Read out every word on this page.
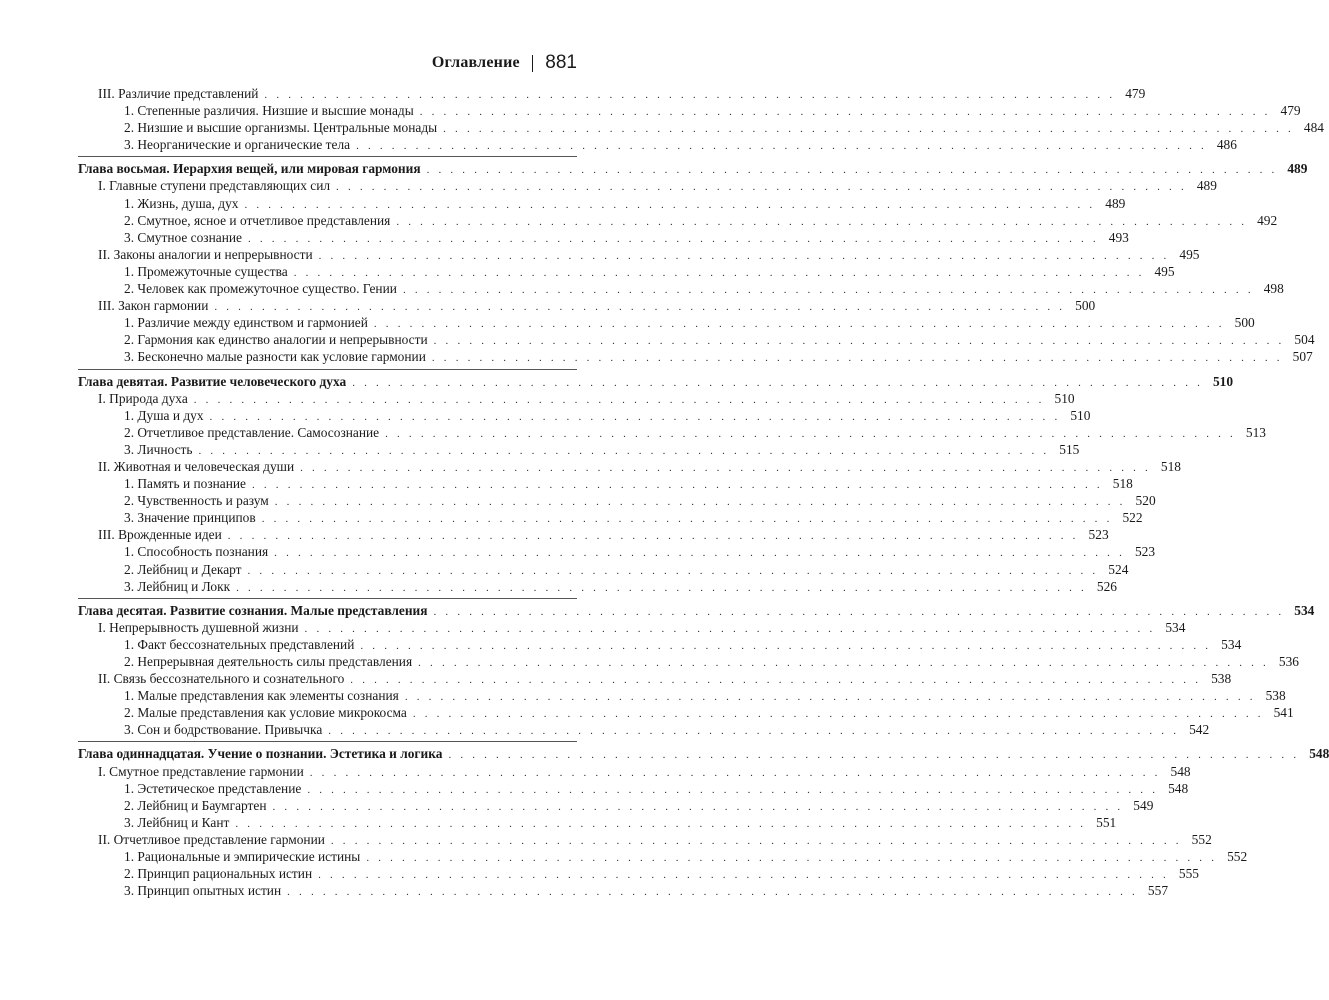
Оглавление 881
III. Различие представлений . . . . . . . . . . . . . . . . . . . . . . . . . . . . . . . . . . . . . . . . . . . . . . . . . . . . . . . . . . . . . . . . . . . . . . . . 479
1. Степенные различия. Низшие и высшие монады . . . . . . . . . . . . . . . . . . . . . . . . . . . . . . . . . . . . . . . . . . . . . . . . . . . . . . . . . . . . . . . . . . . . . . . . 479
2. Низшие и высшие организмы. Центральные монады . . . . . . . . . . . . . . . . . . . . . . . . . . . . . . . . . . . . . . . . . . . . . . . . . . . . . . . . . . . . . . . . . . . . . . . . 484
3. Неорганические и органические тела . . . . . . . . . . . . . . . . . . . . . . . . . . . . . . . . . . . . . . . . . . . . . . . . . . . . . . . . . . . . . . . . . . . . . . . . 486
Глава восьмая. Иерархия вещей, или мировая гармония . . . . . . . . . . . . . . . . . . . . . . . . . . . . . . . . . . . . . . . . . . . . . . . . . . . . . . . . . . . . . . . . . . . . . . . . 489
I. Главные ступени представляющих сил . . . . . . . . . . . . . . . . . . . . . . . . . . . . . . . . . . . . . . . . . . . . . . . . . . . . . . . . . . . . . . . . . . . . . . . . 489
1. Жизнь, душа, дух . . . . . . . . . . . . . . . . . . . . . . . . . . . . . . . . . . . . . . . . . . . . . . . . . . . . . . . . . . . . . . . . . . . . . . . . 489
2. Смутное, ясное и отчетливое представления . . . . . . . . . . . . . . . . . . . . . . . . . . . . . . . . . . . . . . . . . . . . . . . . . . . . . . . . . . . . . . . . . . . . . . . . 492
3. Смутное сознание . . . . . . . . . . . . . . . . . . . . . . . . . . . . . . . . . . . . . . . . . . . . . . . . . . . . . . . . . . . . . . . . . . . . . . . . 493
II. Законы аналогии и непрерывности . . . . . . . . . . . . . . . . . . . . . . . . . . . . . . . . . . . . . . . . . . . . . . . . . . . . . . . . . . . . . . . . . . . . . . . . 495
1. Промежуточные существа . . . . . . . . . . . . . . . . . . . . . . . . . . . . . . . . . . . . . . . . . . . . . . . . . . . . . . . . . . . . . . . . . . . . . . . . 495
2. Человек как промежуточное существо. Гении . . . . . . . . . . . . . . . . . . . . . . . . . . . . . . . . . . . . . . . . . . . . . . . . . . . . . . . . . . . . . . . . . . . . . . . . 498
III. Закон гармонии . . . . . . . . . . . . . . . . . . . . . . . . . . . . . . . . . . . . . . . . . . . . . . . . . . . . . . . . . . . . . . . . . . . . . . . . 500
1. Различие между единством и гармонией . . . . . . . . . . . . . . . . . . . . . . . . . . . . . . . . . . . . . . . . . . . . . . . . . . . . . . . . . . . . . . . . . . . . . . . . 500
2. Гармония как единство аналогии и непрерывности . . . . . . . . . . . . . . . . . . . . . . . . . . . . . . . . . . . . . . . . . . . . . . . . . . . . . . . . . . . . . . . . . . . . . . . . 504
3. Бесконечно малые разности как условие гармонии . . . . . . . . . . . . . . . . . . . . . . . . . . . . . . . . . . . . . . . . . . . . . . . . . . . . . . . . . . . . . . . . . . . . . . . . 507
Глава девятая. Развитие человеческого духа . . . . . . . . . . . . . . . . . . . . . . . . . . . . . . . . . . . . . . . . . . . . . . . . . . . . . . . . . . . . . . . . . . . . . . . . 510
I. Природа духа . . . . . . . . . . . . . . . . . . . . . . . . . . . . . . . . . . . . . . . . . . . . . . . . . . . . . . . . . . . . . . . . . . . . . . . . 510
1. Душа и дух . . . . . . . . . . . . . . . . . . . . . . . . . . . . . . . . . . . . . . . . . . . . . . . . . . . . . . . . . . . . . . . . . . . . . . . . 510
2. Отчетливое представление. Самосознание . . . . . . . . . . . . . . . . . . . . . . . . . . . . . . . . . . . . . . . . . . . . . . . . . . . . . . . . . . . . . . . . . . . . . . . . 513
3. Личность . . . . . . . . . . . . . . . . . . . . . . . . . . . . . . . . . . . . . . . . . . . . . . . . . . . . . . . . . . . . . . . . . . . . . . . . 515
II. Животная и человеческая души . . . . . . . . . . . . . . . . . . . . . . . . . . . . . . . . . . . . . . . . . . . . . . . . . . . . . . . . . . . . . . . . . . . . . . . . 518
1. Память и познание . . . . . . . . . . . . . . . . . . . . . . . . . . . . . . . . . . . . . . . . . . . . . . . . . . . . . . . . . . . . . . . . . . . . . . . . 518
2. Чувственность и разум . . . . . . . . . . . . . . . . . . . . . . . . . . . . . . . . . . . . . . . . . . . . . . . . . . . . . . . . . . . . . . . . . . . . . . . . 520
3. Значение принципов . . . . . . . . . . . . . . . . . . . . . . . . . . . . . . . . . . . . . . . . . . . . . . . . . . . . . . . . . . . . . . . . . . . . . . . . 522
III. Врожденные идеи . . . . . . . . . . . . . . . . . . . . . . . . . . . . . . . . . . . . . . . . . . . . . . . . . . . . . . . . . . . . . . . . . . . . . . . . 523
1. Способность познания . . . . . . . . . . . . . . . . . . . . . . . . . . . . . . . . . . . . . . . . . . . . . . . . . . . . . . . . . . . . . . . . . . . . . . . . 523
2. Лейбниц и Декарт . . . . . . . . . . . . . . . . . . . . . . . . . . . . . . . . . . . . . . . . . . . . . . . . . . . . . . . . . . . . . . . . . . . . . . . . 524
3. Лейбниц и Локк . . . . . . . . . . . . . . . . . . . . . . . . . . . . . . . . . . . . . . . . . . . . . . . . . . . . . . . . . . . . . . . . . . . . . . . . 526
Глава десятая. Развитие сознания. Малые представления . . . . . . . . . . . . . . . . . . . . . . . . . . . . . . . . . . . . . . . . . . . . . . . . . . . . . . . . . . . . . . . . . . . . . . . . 534
I. Непрерывность душевной жизни . . . . . . . . . . . . . . . . . . . . . . . . . . . . . . . . . . . . . . . . . . . . . . . . . . . . . . . . . . . . . . . . . . . . . . . . 534
1. Факт бессознательных представлений . . . . . . . . . . . . . . . . . . . . . . . . . . . . . . . . . . . . . . . . . . . . . . . . . . . . . . . . . . . . . . . . . . . . . . . . 534
2. Непрерывная деятельность силы представления . . . . . . . . . . . . . . . . . . . . . . . . . . . . . . . . . . . . . . . . . . . . . . . . . . . . . . . . . . . . . . . . . . . . . . . . 536
II. Связь бессознательного и сознательного . . . . . . . . . . . . . . . . . . . . . . . . . . . . . . . . . . . . . . . . . . . . . . . . . . . . . . . . . . . . . . . . . . . . . . . . 538
1. Малые представления как элементы сознания . . . . . . . . . . . . . . . . . . . . . . . . . . . . . . . . . . . . . . . . . . . . . . . . . . . . . . . . . . . . . . . . . . . . . . . . 538
2. Малые представления как условие микрокосма . . . . . . . . . . . . . . . . . . . . . . . . . . . . . . . . . . . . . . . . . . . . . . . . . . . . . . . . . . . . . . . . . . . . . . . . 541
3. Сон и бодрствование. Привычка . . . . . . . . . . . . . . . . . . . . . . . . . . . . . . . . . . . . . . . . . . . . . . . . . . . . . . . . . . . . . . . . . . . . . . . . 542
Глава одиннадцатая. Учение о познании. Эстетика и логика . . . . . . . . . . . . . . . . . . . . . . . . . . . . . . . . . . . . . . . . . . . . . . . . . . . . . . . . . . . . . . . . . . . . . . . . 548
I. Смутное представление гармонии . . . . . . . . . . . . . . . . . . . . . . . . . . . . . . . . . . . . . . . . . . . . . . . . . . . . . . . . . . . . . . . . . . . . . . . . 548
1. Эстетическое представление . . . . . . . . . . . . . . . . . . . . . . . . . . . . . . . . . . . . . . . . . . . . . . . . . . . . . . . . . . . . . . . . . . . . . . . . 548
2. Лейбниц и Баумгартен . . . . . . . . . . . . . . . . . . . . . . . . . . . . . . . . . . . . . . . . . . . . . . . . . . . . . . . . . . . . . . . . . . . . . . . . 549
3. Лейбниц и Кант . . . . . . . . . . . . . . . . . . . . . . . . . . . . . . . . . . . . . . . . . . . . . . . . . . . . . . . . . . . . . . . . . . . . . . . . 551
II. Отчетливое представление гармонии . . . . . . . . . . . . . . . . . . . . . . . . . . . . . . . . . . . . . . . . . . . . . . . . . . . . . . . . . . . . . . . . . . . . . . . . 552
1. Рациональные и эмпирические истины . . . . . . . . . . . . . . . . . . . . . . . . . . . . . . . . . . . . . . . . . . . . . . . . . . . . . . . . . . . . . . . . . . . . . . . . 552
2. Принцип рациональных истин . . . . . . . . . . . . . . . . . . . . . . . . . . . . . . . . . . . . . . . . . . . . . . . . . . . . . . . . . . . . . . . . . . . . . . . . 555
3. Принцип опытных истин . . . . . . . . . . . . . . . . . . . . . . . . . . . . . . . . . . . . . . . . . . . . . . . . . . . . . . . . . . . . . . . . . . . . . . . . 557
